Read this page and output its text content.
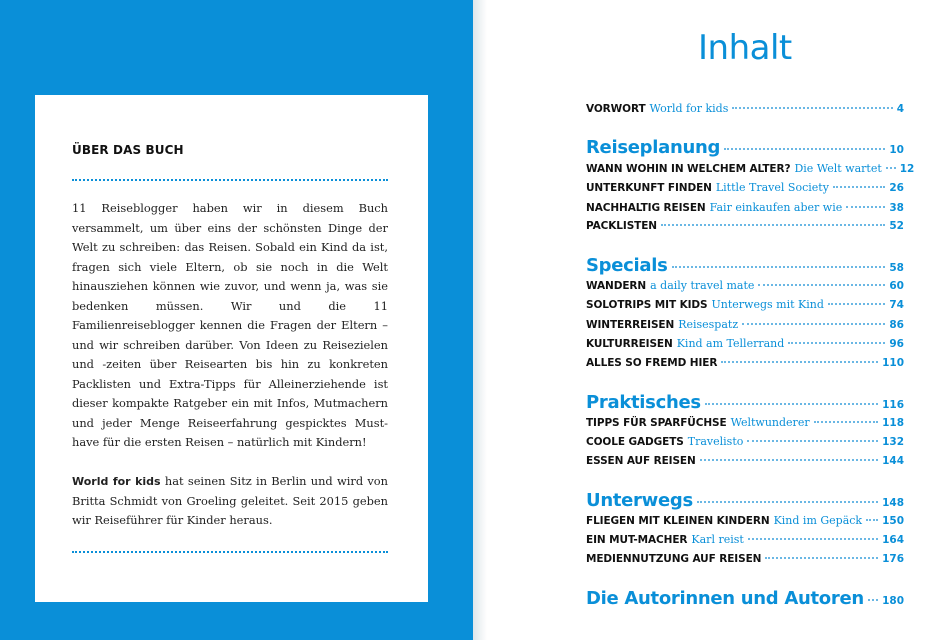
ÜBER DAS BUCH
11 Reiseblogger haben wir in diesem Buch versammelt, um über eins der schönsten Dinge der Welt zu schreiben: das Reisen. Sobald ein Kind da ist, fragen sich viele Eltern, ob sie noch in die Welt hinausziehen können wie zuvor, und wenn ja, was sie bedenken müssen. Wir und die 11 Familienreiseblogger kennen die Fragen der Eltern – und wir schreiben darüber. Von Ideen zu Reisezielen und -zeiten über Reisearten bis hin zu konkreten Packlisten und Extra-Tipps für Alleinerziehende ist dieser kompakte Ratgeber ein mit Infos, Mutmachern und jeder Menge Reiseerfahrung gespicktes Must-have für die ersten Reisen – natürlich mit Kindern!
World for kids hat seinen Sitz in Berlin und wird von Britta Schmidt von Groeling geleitet. Seit 2015 geben wir Reiseführer für Kinder heraus.
Inhalt
VORWORT World for kids	4
Reiseplanung	10
WANN WOHIN IN WELCHEM ALTER? Die Welt wartet 12
UNTERKUNFT FINDEN Little Travel Society	26
NACHHALTIG REISEN Fair einkaufen aber wie	38
PACKLISTEN	52
Specials	58
WANDERN a daily travel mate	60
SOLOTRIPS MIT KIDS Unterwegs mit Kind	74
WINTERREISEN Reisespatz	86
KULTURREISEN Kind am Tellerrand	96
ALLES SO FREMD HIER	110
Praktisches	116
TIPPS FÜR SPARFÜCHSE Weltwunderer	118
COOLE GADGETS Travelisto	132
ESSEN AUF REISEN	144
Unterwegs	148
FLIEGEN MIT KLEINEN KINDERN Kind im Gepäck 150
EIN MUT-MACHER Karl reist	164
MEDIENNUTZUNG AUF REISEN	176
Die Autorinnen und Autoren 180
